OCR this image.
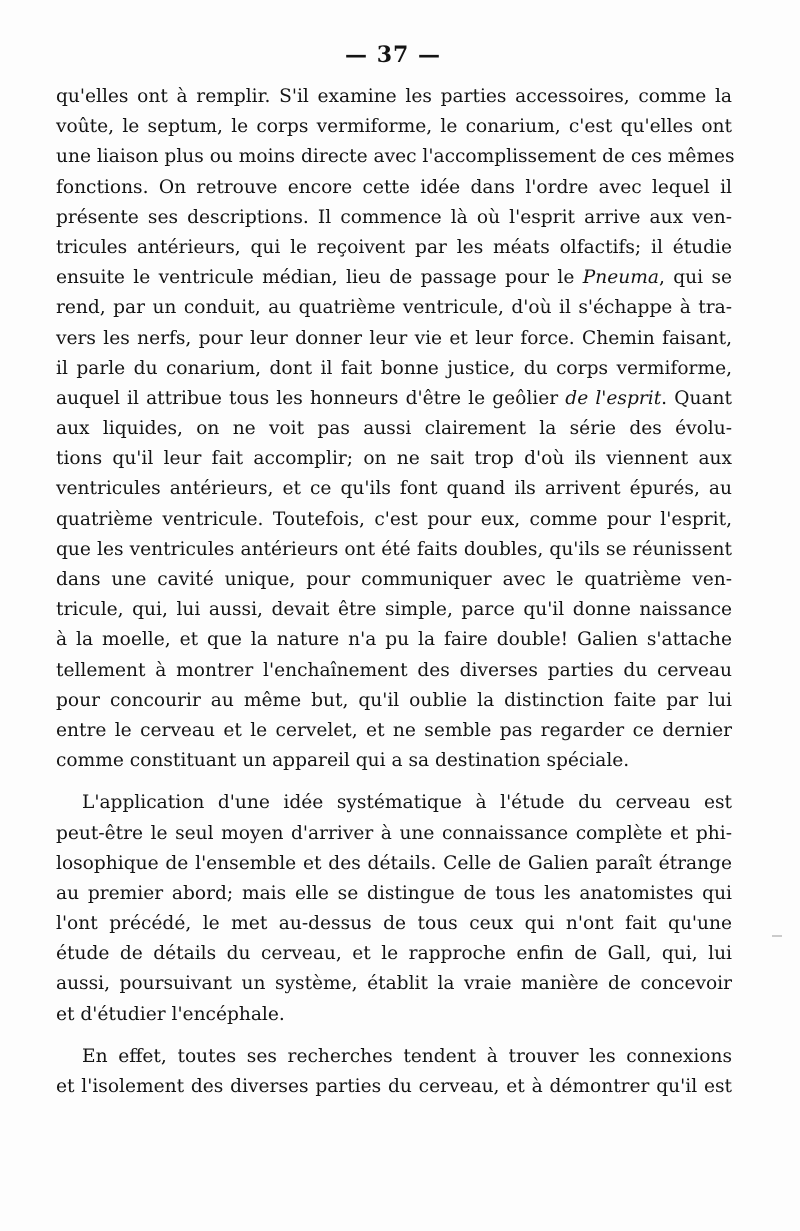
— 37 —
qu'elles ont à remplir. S'il examine les parties accessoires, comme la
voûte, le septum, le corps vermiforme, le conarium, c'est qu'elles ont
une liaison plus ou moins directe avec l'accomplissement de ces mêmes
fonctions. On retrouve encore cette idée dans l'ordre avec lequel il
présente ses descriptions. Il commence là où l'esprit arrive aux ven-
tricules antérieurs, qui le reçoivent par les méats olfactifs; il étudie
ensuite le ventricule médian, lieu de passage pour le Pneuma, qui se
rend, par un conduit, au quatrième ventricule, d'où il s'échappe à tra-
vers les nerfs, pour leur donner leur vie et leur force. Chemin faisant,
il parle du conarium, dont il fait bonne justice, du corps vermiforme,
auquel il attribue tous les honneurs d'être le geôlier de l'esprit. Quant
aux liquides, on ne voit pas aussi clairement la série des évolu-
tions qu'il leur fait accomplir; on ne sait trop d'où ils viennent aux
ventricules antérieurs, et ce qu'ils font quand ils arrivent épurés, au
quatrième ventricule. Toutefois, c'est pour eux, comme pour l'esprit,
que les ventricules antérieurs ont été faits doubles, qu'ils se réunissent
dans une cavité unique, pour communiquer avec le quatrième ven-
tricule, qui, lui aussi, devait être simple, parce qu'il donne naissance
à la moelle, et que la nature n'a pu la faire double! Galien s'attache
tellement à montrer l'enchaînement des diverses parties du cerveau
pour concourir au même but, qu'il oublie la distinction faite par lui
entre le cerveau et le cervelet, et ne semble pas regarder ce dernier
comme constituant un appareil qui a sa destination spéciale.
L'application d'une idée systématique à l'étude du cerveau est
peut-être le seul moyen d'arriver à une connaissance complète et phi-
losophique de l'ensemble et des détails. Celle de Galien paraît étrange
au premier abord; mais elle se distingue de tous les anatomistes qui
l'ont précédé, le met au-dessus de tous ceux qui n'ont fait qu'une
étude de détails du cerveau, et le rapproche enfin de Gall, qui, lui
aussi, poursuivant un système, établit la vraie manière de concevoir
et d'étudier l'encéphale.
En effet, toutes ses recherches tendent à trouver les connexions
et l'isolement des diverses parties du cerveau, et à démontrer qu'il est
